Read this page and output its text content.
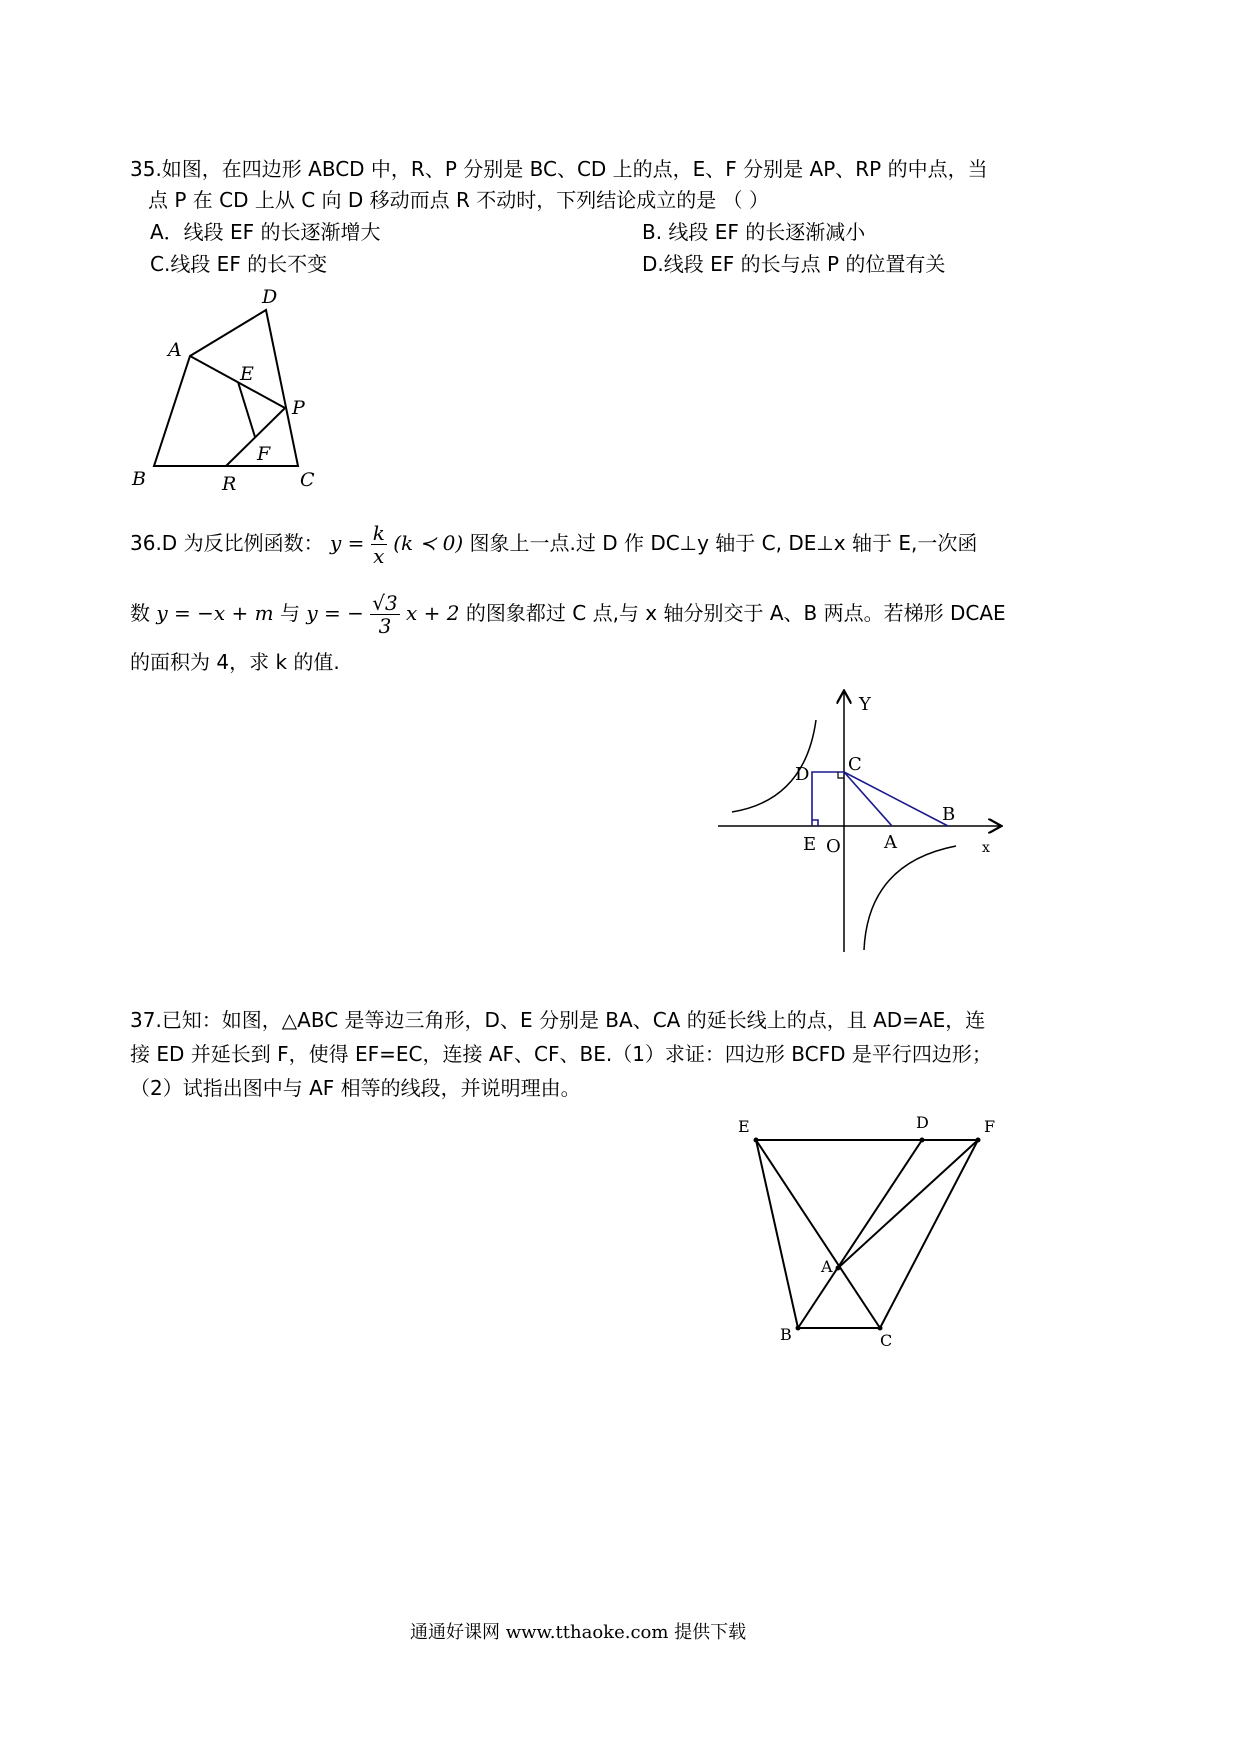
35.如图，在四边形 ABCD 中，R、P 分别是 BC、CD 上的点，E、F 分别是 AP、RP 的中点，当
点 P 在 CD 上从 C 向 D 移动而点 R 不动时，下列结论成立的是 （ ）
A．线段 EF 的长逐渐增大	B. 线段 EF 的长逐渐减小
C.线段 EF 的长不变	D.线段 EF 的长与点 P 的位置有关
A
D
E
P
F
B	R	C
36.D 为反比例函数： $y = \frac{k}{x} (k$ ≺ 0) 图象上一点.过 D 作 DC⊥y 轴于 C, DE⊥x 轴于 E,一次函
数 y = −x + m 与 y = − $\frac{√3}{3}$ x + 2 的图象都过 C 点,与 x 轴分别交于 A、B 两点。若梯形 DCAE
的面积为 4，求 k 的值.
Y
x
C
D
E O A
B
37.已知：如图，△ABC 是等边三角形，D、E 分别是 BA、CA 的延长线上的点，且 AD=AE，连
接 ED 并延长到 F，使得 EF=EC，连接 AF、CF、BE.（1）求证：四边形 BCFD 是平行四边形；
（2）试指出图中与 AF 相等的线段，并说明理由。
E	D	F
A
B	C
通通好课网 www.tthaoke.com 提供下载
